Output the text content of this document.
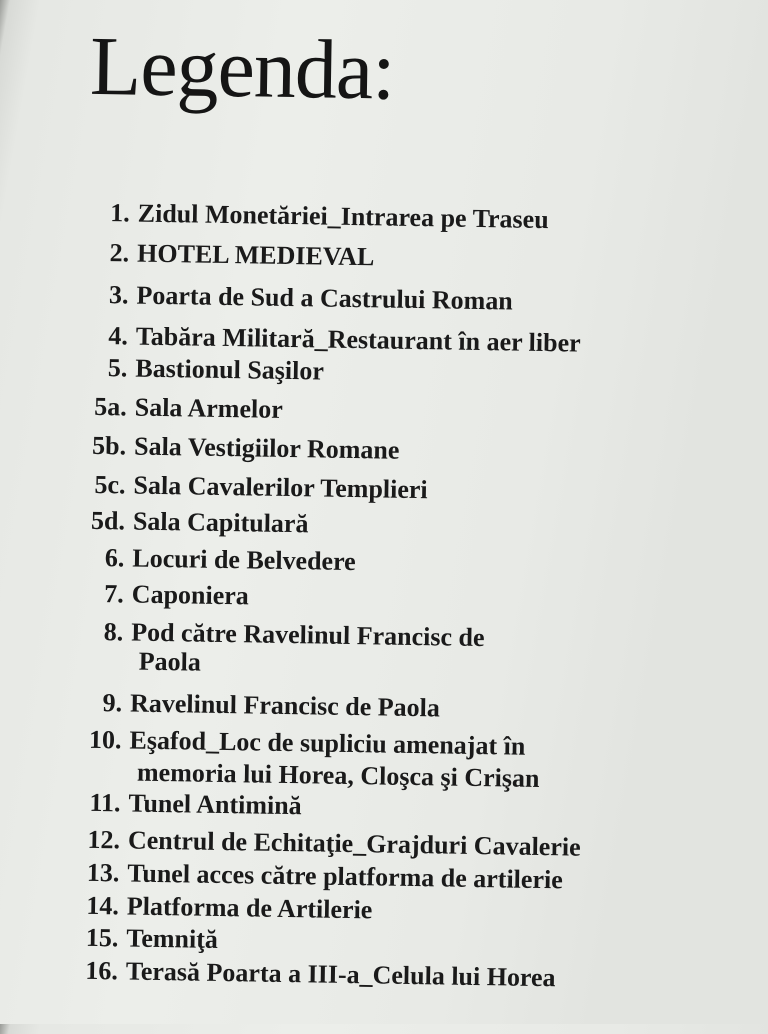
Legenda:
1. Zidul Monetăriei_Intrarea pe Traseu
2. HOTEL MEDIEVAL
3. Poarta de Sud a Castrului Roman
4. Tabăra Militară_Restaurant în aer liber
5. Bastionul Saşilor
5a. Sala Armelor
5b. Sala Vestigiilor Romane
5c. Sala Cavalerilor Templieri
5d. Sala Capitulară
6. Locuri de Belvedere
7. Caponiera
8. Pod către Ravelinul Francisc de
Paola
9. Ravelinul Francisc de Paola
10. Eşafod_Loc de supliciu amenajat în
memoria lui Horea, Cloşca şi Crişan
11. Tunel Antimină
12. Centrul de Echitaţie_Grajduri Cavalerie
13. Tunel acces către platforma de artilerie
14. Platforma de Artilerie
15. Temniţă
16. Terasă Poarta a III-a_Celula lui Horea
